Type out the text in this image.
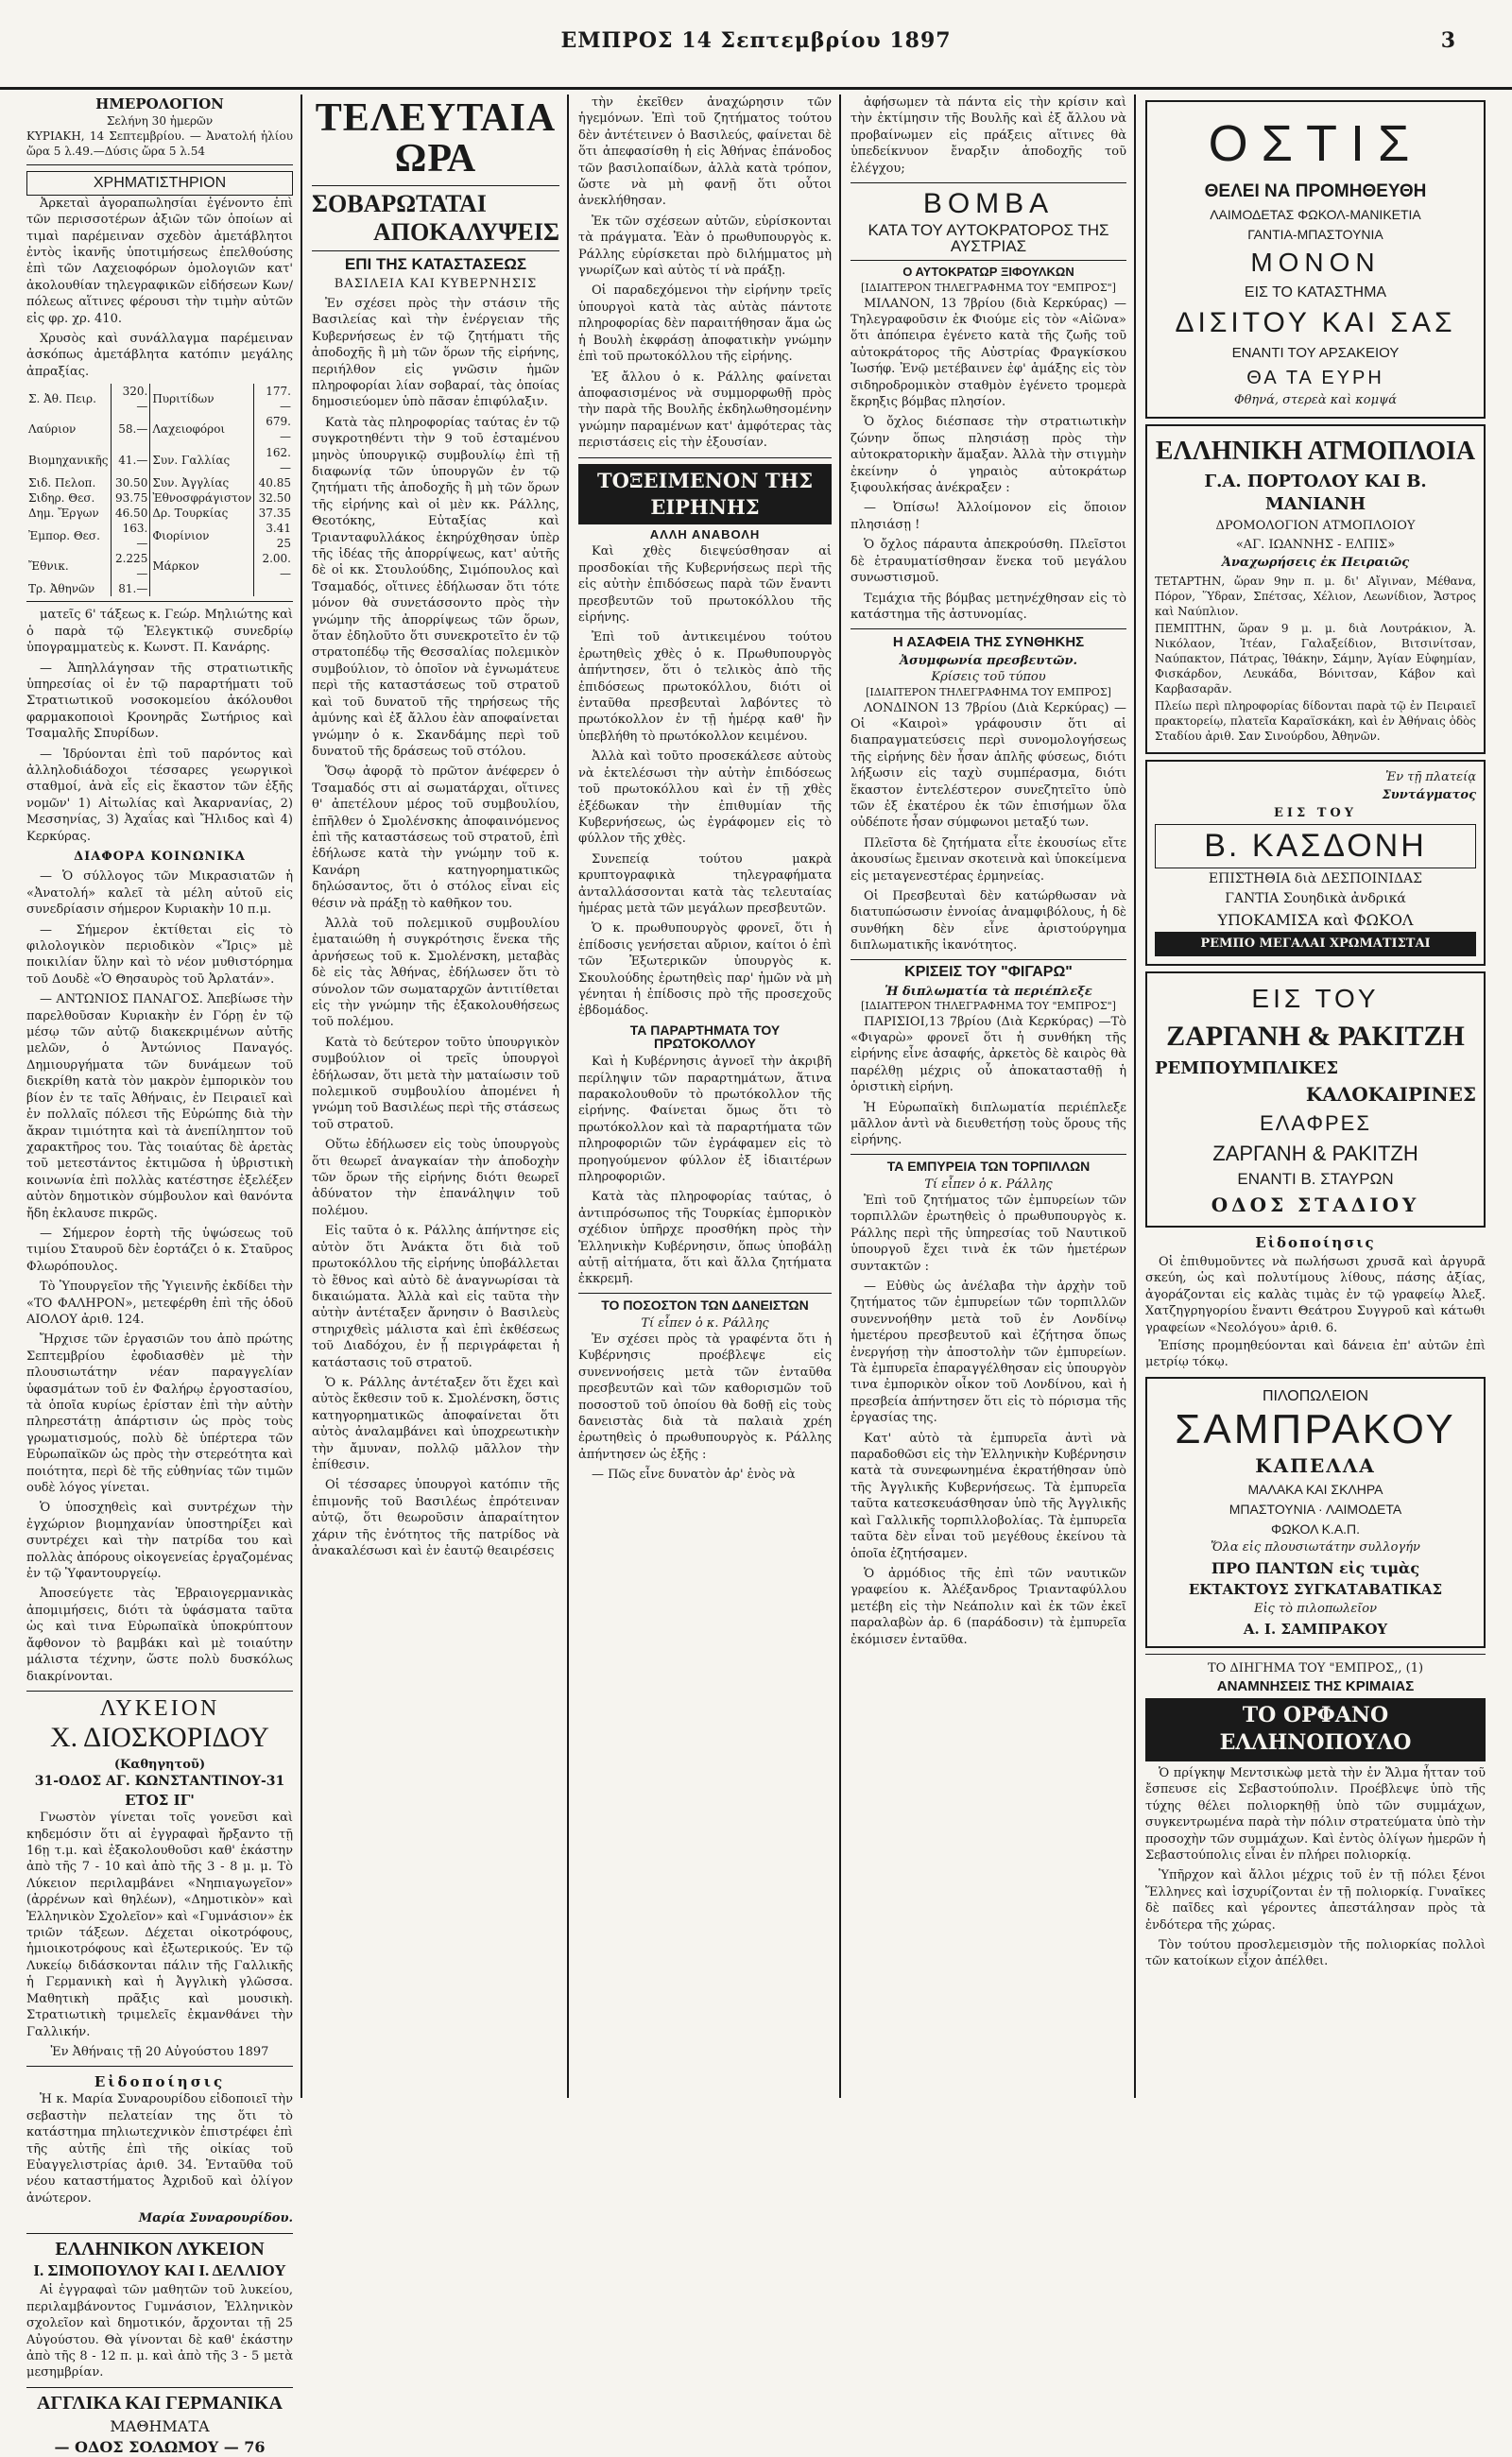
ΕΜΠΡΟΣ 14 Σεπτεμβρίου 1897	3
ΗΜΕΡΟΛΟΓΙΟΝ
Σελήνη 30 ἡμερῶν
ΚΥΡΙΑΚΗ, 14 Σεπτεμβρίου. — Ἀνατολή ἡλίου ὥρα 5 λ.49.—Δύσις ὥρα 5 λ.54
ΧΡΗΜΑΤΙΣΤΗΡΙΟΝ

Ἀρκεταὶ ἀγοραπωλησίαι ἐγένοντο ἐπὶ τῶν περισσοτέρων ἀξιῶν τῶν ὁποίων αἱ τιμαὶ παρέμειναν σχεδὸν ἀμετάβλητοι ἐντὸς ἱκανῆς ὑποτιμήσεως ἐπελθούσης ἐπὶ τῶν Λαχειοφόρων ὁμολογιῶν κατ' ἀκολουθίαν τηλεγραφικῶν εἰδήσεων Κων/πόλεως αἵτινες φέρουσι τὴν τιμὴν αὐτῶν εἰς φρ. χρ. 410.

Χρυσὸς καὶ συνάλλαγμα παρέμειναν ἀσκόπως ἀμετάβλητα κατόπιν μεγάλης ἀπραξίας.

Σ. Ἀθ. Πειρ.	320.—	Πυριτίδων	177.—
Λαύριον	58.—	Λαχειοφόροι	679.—
Βιομηχανικῆς	41.—	Συν. Γαλλίας	162.—
Σιδ. Πελοπ.	30.50	Συν. Ἀγγλίας	40.85
Σιδηρ. Θεσ.	93.75	Ἐθνοσφράγιστον	32.50
Δημ. Ἔργων	46.50	Δρ. Τουρκίας	37.35
Ἐμπορ. Θεσ.	163.—	Φιορίνιον	3.41 25
Ἔθνικ.	2.225—	Μάρκον	2.00.—
Τρ. Ἀθηνῶν	81.—		

ματεῖς 6' τάξεως κ. Γεώρ. Μηλιώτης καὶ ὁ παρὰ τῷ Ἐλεγκτικῷ συνεδρίῳ ὑπογραμματεὺς κ. Κωνστ. Π. Κανάρης.

— Ἀπηλλάγησαν τῆς στρατιωτικῆς ὑπηρεσίας οἱ ἐν τῷ παραρτήματι τοῦ Στρατιωτικοῦ νοσοκομείου ἀκόλουθοι φαρμακοποιοὶ Κρονηρᾶς Σωτήριος καὶ Τσαμαλῆς Σπυρίδων.

— Ἱδρύονται ἐπὶ τοῦ παρόντος καὶ ἀλληλοδιάδοχοι τέσσαρες γεωργικοὶ σταθμοί, ἀνὰ εἷς εἰς ἕκαστον τῶν ἑξῆς νομῶν' 1) Αἰτωλίας καὶ Ἀκαρνανίας, 2) Μεσσηνίας, 3) Ἀχαΐας καὶ Ἤλιδος καὶ 4) Κερκύρας.

ΔΙΑΦΟΡΑ ΚΟΙΝΩΝΙΚΑ

— Ὁ σύλλογος τῶν Μικρασιατῶν ἡ «Ἀνατολή» καλεῖ τὰ μέλη αὐτοῦ εἰς συνεδρίασιν σήμερον Κυριακὴν 10 π.μ.

— Σήμερον ἐκτίθεται εἰς τὸ φιλολογικὸν περιοδικὸν «Ἴρις» μὲ ποικιλίαν ὕλην καὶ τὸ νέον μυθιστόρημα τοῦ Δουδὲ «Ὁ Θησαυρὸς τοῦ Ἀρλατάν».

— ΑΝΤΩΝΙΟΣ ΠΑΝΑΓΟΣ. Ἀπεβίωσε τὴν παρελθοῦσαν Κυριακὴν ἐν Γόρῃ ἐν τῷ μέσῳ τῶν αὐτῷ διακεκριμένων αὐτῆς μελῶν, ὁ Ἀντώνιος Παναγός. Δημιουργήματα τῶν δυνάμεων τοῦ διεκρίθη κατὰ τὸν μακρὸν ἐμπορικὸν του βίον ἐν τε ταῖς Ἀθήναις, ἐν Πειραιεῖ καὶ ἐν πολλαῖς πόλεσι τῆς Εὐρώπης διὰ τὴν ἄκραν τιμιότητα καὶ τὰ ἀνεπίληπτον τοῦ χαρακτῆρος του. Τὰς τοιαύτας δὲ ἀρετὰς τοῦ μετεστάντος ἐκτιμῶσα ἡ ὑβριστικὴ κοινωνία ἐπὶ πολλὰς κατέστησε ἐξελέξεν αὐτὸν δημοτικὸν σύμβουλον καὶ θανόντα ἤδη ἐκλαυσε πικρῶς.

— Σήμερον ἑορτὴ τῆς ὑψώσεως τοῦ τιμίου Σταυροῦ δὲν ἑορτάζει ὁ κ. Σταῦρος Φλωρόπουλος.

Τὸ Ὑπουργεῖον τῆς Ὑγιεινῆς ἐκδίδει τὴν «ΤΟ ΦΑΛΗΡΟΝ», μετεφέρθη ἐπὶ τῆς ὁδοῦ ΑΙΟΛΟΥ ἀριθ. 124.

Ἤρχισε τῶν ἐργασιῶν του ἀπὸ πρώτης Σεπτεμβρίου ἐφοδιασθὲν μὲ τὴν πλουσιωτάτην νέαν παραγγελίαν ὑφασμάτων τοῦ ἐν Φαλήρῳ ἐργοστασίου, τὰ ὁποῖα κυρίως ἐρίσταν ἐπὶ τὴν αὐτὴν πληρεστάτῃ ἀπάρτισιν ὡς πρὸς τοὺς γρωματισμούς, πολὺ δὲ ὑπέρτερα τῶν Εὐρωπαϊκῶν ὡς πρὸς τὴν στερεότητα καὶ ποιότητα, περὶ δὲ τῆς εὐθηνίας τῶν τιμῶν ουδὲ λόγος γίνεται.

Ὁ ὑποσχηθεὶς καὶ συντρέχων τὴν ἐγχώριον βιομηχανίαν ὑποστηρίξει καὶ συντρέχει καὶ τὴν πατρίδα του καὶ πολλὰς ἀπόρους οἰκογενείας ἐργαζομένας ἐν τῷ Ὑφαντουργείῳ.

Ἀποσεύγετε τὰς Ἑβραιογερμανικὰς ἀπομιμήσεις, διότι τὰ ὑφάσματα ταῦτα ὡς καὶ τινα Εὐρωπαϊκὰ ὑποκρύπτουν ἄφθονον τὸ βαμβάκι καὶ μὲ τοιαύτην μάλιστα τέχνην, ὥστε πολὺ δυσκόλως διακρίνονται.

ΛΥΚΕΙΟΝ
Χ. ΔΙΟΣΚΟΡΙΔΟΥ
(Καθηγητοῦ)
31-ΟΔΟΣ ΑΓ. ΚΩΝΣΤΑΝΤΙΝΟΥ-31
ΕΤΟΣ ΙΓ'

Γνωστὸν γίνεται τοῖς γονεῦσι καὶ κηδεμόσιν ὅτι αἱ ἐγγραφαὶ ἤρξαντο τῇ 16ῃ τ.μ. καὶ ἐξακολουθοῦσι καθ' ἑκάστην ἀπὸ τῆς 7 - 10 καὶ ἀπὸ τῆς 3 - 8 μ. μ. Τὸ Λύκειον περιλαμβάνει «Νηπιαγωγεῖον» (ἀρρένων καὶ θηλέων), «Δημοτικὸν» καὶ Ἑλληνικὸν Σχολεῖον» καὶ «Γυμνάσιον» ἐκ τριῶν τάξεων. Δέχεται οἰκοτρόφους, ἡμιοικοτρόφους καὶ ἐξωτερικούς. Ἐν τῷ Λυκείῳ διδάσκονται πάλιν τῆς Γαλλικῆς ἡ Γερμανικὴ καὶ ἡ Ἀγγλικὴ γλῶσσα. Μαθητικὴ πρᾶξις καὶ μουσικὴ. Στρατιωτικὴ τριμελεῖς ἐκμανθάνει τὴν Γαλλικήν.

Ἐν Ἀθήναις τῇ 20 Αὐγούστου 1897
Εἰδοποίησις

Ἡ κ. Μαρία Συναρουρίδου εἰδοποιεῖ τὴν σεβαστὴν πελατείαν της ὅτι τὸ κατάστημα πηλιωτεχνικὸν ἐπιστρέφει ἐπὶ τῆς αὐτῆς ἐπὶ τῆς οἰκίας τοῦ Εὐαγγελιστρίας ἀριθ. 34. Ἐνταῦθα τοῦ νέου καταστήματος Ἀχριδοῦ καὶ ὀλίγον ἀνώτερον.

Μαρία Συναρουρίδου.
ΕΛΛΗΝΙΚΟΝ ΛΥΚΕΙΟΝ
Ι. ΣΙΜΟΠΟΥΛΟΥ ΚΑΙ Ι. ΔΕΛΛΙΟΥ

Αἱ ἐγγραφαὶ τῶν μαθητῶν τοῦ λυκείου, περιλαμβάνοντος Γυμνάσιον, Ἑλληνικὸν σχολεῖον καὶ δημοτικόν, ἄρχονται τῇ 25 Αὐγούστου. Θὰ γίνονται δὲ καθ' ἑκάστην ἀπὸ τῆς 8 - 12 π. μ. καὶ ἀπὸ τῆς 3 - 5 μετὰ μεσημβρίαν.

ΑΓΓΛΙΚΑ ΚΑΙ ΓΕΡΜΑΝΙΚΑ
ΜΑΘΗΜΑΤΑ
— ΟΔΟΣ ΣΟΛΩΜΟΥ — 76
ΤΕΛΕΥΤΑΙΑ ΩΡΑ
ΣΟΒΑΡΩΤΑΤΑΙ
ΑΠΟΚΑΛΥΨΕΙΣ
ΕΠΙ ΤΗΣ ΚΑΤΑΣΤΑΣΕΩΣ
ΒΑΣΙΛΕΙΑ ΚΑΙ ΚΥΒΕΡΝΗΣΙΣ

Ἐν σχέσει πρὸς τὴν στάσιν τῆς Βασιλείας καὶ τὴν ἐνέργειαν τῆς Κυβερνήσεως ἐν τῷ ζητήματι τῆς ἀποδοχῆς ἢ μὴ τῶν ὅρων τῆς εἰρήνης, περιήλθον εἰς γνῶσιν ἡμῶν πληροφορίαι λίαν σοβαραί, τὰς ὁποίας δημοσιεύομεν ὑπὸ πᾶσαν ἐπιφύλαξιν.

Κατὰ τὰς πληροφορίας ταύτας ἐν τῷ συγκροτηθέντι τὴν 9 τοῦ ἐσταμένου μηνὸς ὑπουργικῷ συμβουλίῳ ἐπὶ τῇ διαφωνίᾳ τῶν ὑπουργῶν ἐν τῷ ζητήματι τῆς ἀποδοχῆς ἢ μὴ τῶν ὅρων τῆς εἰρήνης καὶ οἱ μὲν κκ. Ράλλης, Θεοτόκης, Εὐταξίας καὶ Τριανταφυλλάκος ἐκηρύχθησαν ὑπὲρ τῆς ἰδέας τῆς ἀπορρίψεως, κατ' αὐτῆς δὲ οἱ κκ. Στουλούδης, Σιμόπουλος καὶ Τσαμαδός, οἵτινες ἐδήλωσαν ὅτι τότε μόνον θὰ συνετάσσοντο πρὸς τὴν γνώμην τῆς ἀπορρίψεως τῶν ὅρων, ὅταν ἐδηλοῦτο ὅτι συνεκροτεῖτο ἐν τῷ στρατοπέδῳ τῆς Θεσσαλίας πολεμικὸν συμβούλιον, τὸ ὁποῖον νὰ ἐγνωμάτευε περὶ τῆς καταστάσεως τοῦ στρατοῦ καὶ τοῦ δυνατοῦ τῆς τηρήσεως τῆς ἀμύνης καὶ ἐξ ἄλλου ἐὰν αποφαίνεται γνώμην ὁ κ. Σκανδάμης περὶ τοῦ δυνατοῦ τῆς δράσεως τοῦ στόλου.

Ὅσῳ ἀφορᾷ τὸ πρῶτον ἀνέφερεν ὁ Τσαμαδός στι αἱ σωματάρχαι, οἵτινες θ' ἀπετέλουν μέρος τοῦ συμβουλίου, ἐπῆλθεν ὁ Σμολένσκης ἀποφαινόμενος ἐπὶ τῆς καταστάσεως τοῦ στρατοῦ, ἐπὶ ἐδήλωσε κατὰ τὴν γνώμην τοῦ κ. Κανάρη κατηγορηματικῶς δηλώσαντος, ὅτι ὁ στόλος εἶναι εἰς θέσιν νὰ πράξῃ τὸ καθῆκον του.

Ἀλλὰ τοῦ πολεμικοῦ συμβουλίου ἐματαιώθη ἡ συγκρότησις ἕνεκα τῆς ἀρνήσεως τοῦ κ. Σμολένσκη, μεταβὰς δὲ εἰς τὰς Ἀθήνας, ἐδήλωσεν ὅτι τὸ σύνολον τῶν σωματαρχῶν ἀντιτίθεται εἰς τὴν γνώμην τῆς ἐξακολουθήσεως τοῦ πολέμου.

Κατὰ τὸ δεύτερον τοῦτο ὑπουργικὸν συμβούλιον οἱ τρεῖς ὑπουργοὶ ἐδήλωσαν, ὅτι μετὰ τὴν ματαίωσιν τοῦ πολεμικοῦ συμβουλίου ἀπομένει ἡ γνώμη τοῦ Βασιλέως περὶ τῆς στάσεως τοῦ στρατοῦ.

Οὕτω ἐδήλωσεν εἰς τοὺς ὑπουργοὺς ὅτι θεωρεῖ ἀναγκαίαν τὴν ἀποδοχὴν τῶν ὅρων τῆς εἰρήνης διότι θεωρεῖ ἀδύνατον τὴν ἐπανάληψιν τοῦ πολέμου.

Εἰς ταῦτα ὁ κ. Ράλλης ἀπήντησε εἰς αὐτὸν ὅτι Ἀνάκτα ὅτι διὰ τοῦ πρωτοκόλλου τῆς εἰρήνης ὑποβάλλεται τὸ ἔθνος καὶ αὐτὸ δὲ ἀναγνωρίσαι τὰ δικαιώματα. Ἀλλὰ καὶ εἰς ταῦτα τὴν αὐτὴν ἀντέταξεν ἄρνησιν ὁ Βασιλεὺς στηριχθεὶς μάλιστα καὶ ἐπὶ ἐκθέσεως τοῦ Διαδόχου, ἐν ᾗ περιγράφεται ἡ κατάστασις τοῦ στρατοῦ.

Ὁ κ. Ράλλης ἀντέταξεν ὅτι ἔχει καὶ αὐτὸς ἔκθεσιν τοῦ κ. Σμολένσκη, ὅστις κατηγορηματικῶς ἀποφαίνεται ὅτι αὐτὸς ἀναλαμβάνει καὶ ὑποχρεωτικὴν τὴν ἄμυναν, πολλῷ μᾶλλον τὴν ἐπίθεσιν.

Οἱ τέσσαρες ὑπουργοὶ κατόπιν τῆς ἐπιμονῆς τοῦ Βασιλέως ἐπρότειναν αὐτῷ, ὅτι θεωροῦσιν ἀπαραίτητον χάριν τῆς ἐνότητος τῆς πατρίδος νὰ ἀνακαλέσωσι καὶ ἐν ἑαυτῷ θεαιρέσεις

τὴν ἐκεῖθεν ἀναχώρησιν τῶν ἡγεμόνων. Ἐπὶ τοῦ ζητήματος τούτου δὲν ἀντέτεινεν ὁ Βασιλεύς, φαίνεται δὲ ὅτι ἀπεφασίσθη ἡ εἰς Ἀθήνας ἐπάνοδος τῶν βασιλοπαίδων, ἀλλὰ κατὰ τρόπον, ὥστε νὰ μὴ φανῇ ὅτι οὗτοι ἀνεκλήθησαν.

Ἐκ τῶν σχέσεων αὐτῶν, εὑρίσκονται τὰ πράγματα. Ἐὰν ὁ πρωθυπουργὸς κ. Ράλλης εὑρίσκεται πρὸ διλήμματος μὴ γνωρίζων καὶ αὐτὸς τί νὰ πράξῃ.

Οἱ παραδεχόμενοι τὴν εἰρήνην τρεῖς ὑπουργοὶ κατὰ τὰς αὐτὰς πάντοτε πληροφορίας δὲν παραιτήθησαν ἅμα ὡς ἡ Βουλὴ ἐκφράσῃ ἀποφατικὴν γνώμην ἐπὶ τοῦ πρωτοκόλλου τῆς εἰρήνης.

Ἐξ ἄλλου ὁ κ. Ράλλης φαίνεται ἀποφασισμένος νὰ συμμορφωθῇ πρὸς τὴν παρὰ τῆς Βουλῆς ἐκδηλωθησομένην γνώμην παραμένων κατ' ἀμφότερας τὰς περιστάσεις εἰς τὴν ἐξουσίαν.

ΤΟΞΕΙΜΕΝΟΝ ΤΗΣ ΕΙΡΗΝΗΣ
ΑΛΛΗ ΑΝΑΒΟΛΗ

Καὶ χθὲς διεψεύσθησαν αἱ προσδοκίαι τῆς Κυβερνήσεως περὶ τῆς εἰς αὐτὴν ἐπιδόσεως παρὰ τῶν ἔναντι πρεσβευτῶν τοῦ πρωτοκόλλου τῆς εἰρήνης.

Ἐπὶ τοῦ ἀντικειμένου τούτου ἐρωτηθεὶς χθὲς ὁ κ. Πρωθυπουργὸς ἀπήντησεν, ὅτι ὁ τελικὸς ἀπὸ τῆς ἐπιδόσεως πρωτοκόλλου, διότι οἱ ἐνταῦθα πρεσβευταὶ λαβόντες τὸ πρωτόκολλον ἐν τῇ ἡμέρᾳ καθ' ἣν ὑπεβλήθη τὸ πρωτόκολλον κειμένου.

Ἀλλὰ καὶ τοῦτο προσεκάλεσε αὐτοὺς νὰ ἐκτελέσωσι τὴν αὐτὴν ἐπιδόσεως τοῦ πρωτοκόλλου καὶ ἐν τῇ χθὲς ἐξέδωκαν τὴν ἐπιθυμίαν τῆς Κυβερνήσεως, ὡς ἐγράφομεν εἰς τὸ φύλλον τῆς χθὲς.

Συνεπείᾳ τούτου μακρὰ κρυπτογραφικὰ τηλεγραφήματα ἀνταλλάσσονται κατὰ τὰς τελευταίας ἡμέρας μετὰ τῶν μεγάλων πρεσβευτῶν.

Ὁ κ. πρωθυπουργὸς φρονεῖ, ὅτι ἡ ἐπίδοσις γενήσεται αὔριον, καίτοι ὁ ἐπὶ τῶν Ἐξωτερικῶν ὑπουργὸς κ. Σκουλούδης ἐρωτηθεὶς παρ' ἡμῶν νὰ μὴ γένηται ἡ ἐπίδοσις πρὸ τῆς προσεχοῦς ἑβδομάδος.

ΤΑ ΠΑΡΑΡΤΗΜΑΤΑ ΤΟΥ ΠΡΩΤΟΚΟΛΛΟΥ

Καὶ ἡ Κυβέρνησις ἀγνοεῖ τὴν ἀκριβῆ περίληψιν τῶν παραρτημάτων, ἅτινα παρακολουθοῦν τὸ πρωτόκολλον τῆς εἰρήνης. Φαίνεται ὅμως ὅτι τὸ πρωτόκολλον καὶ τὰ παραρτήματα τῶν πληροφοριῶν τῶν ἐγράφαμεν εἰς τὸ προηγούμενον φύλλον ἐξ ἰδιαιτέρων πληροφοριῶν.

Κατὰ τὰς πληροφορίας ταύτας, ὁ ἀντιπρόσωπος τῆς Τουρκίας ἐμπορικὸν σχέδιον ὑπῆρχε προσθήκη πρὸς τὴν Ἑλληνικὴν Κυβέρνησιν, ὅπως ὑποβάλῃ αὐτῇ αἰτήματα, ὅτι καὶ ἄλλα ζητήματα ἐκκρεμῆ.

ΤΟ ΠΟΣΟΣΤΟΝ ΤΩΝ ΔΑΝΕΙΣΤΩΝ
Τί εἶπεν ὁ κ. Ράλλης

Ἐν σχέσει πρὸς τὰ γραφέντα ὅτι ἡ Κυβέρνησις προέβλεψε εἰς συνεννοήσεις μετὰ τῶν ἐνταῦθα πρεσβευτῶν καὶ τῶν καθορισμῶν τοῦ ποσοστοῦ τοῦ ὁποίου θὰ δοθῇ εἰς τοὺς δανειστὰς διὰ τὰ παλαιὰ χρέη ἐρωτηθεὶς ὁ πρωθυπουργὸς κ. Ράλλης ἀπήντησεν ὡς ἑξῆς :

— Πῶς εἶνε δυνατὸν ἀρ' ἑνὸς νὰ

ἀφήσωμεν τὰ πάντα εἰς τὴν κρίσιν καὶ τὴν ἐκτίμησιν τῆς Βουλῆς καὶ ἐξ ἄλλου νὰ προβαίνωμεν εἰς πράξεις αἵτινες θὰ ὑπεδείκνυον ἔναρξιν ἀποδοχῆς τοῦ ἐλέγχου;

ΒΟΜΒΑ
ΚΑΤΑ ΤΟΥ ΑΥΤΟΚΡΑΤΟΡΟΣ ΤΗΣ ΑΥΣΤΡΙΑΣ
Ο ΑΥΤΟΚΡΑΤΩΡ ΞΙΦΟΥΛΚΩΝ
[ΙΔΙΑΙΤΕΡΟΝ ΤΗΛΕΓΡΑΦΗΜΑ ΤΟΥ "ΕΜΠΡΟΣ"]

ΜΙΛΑΝΟΝ, 13 7βρίου (διὰ Κερκύρας) —Τηλεγραφοῦσιν ἐκ Φιούμε εἰς τὸν «Αἰῶνα» ὅτι ἀπόπειρα ἐγένετο κατὰ τῆς ζωῆς τοῦ αὐτοκράτορος τῆς Αὐστρίας Φραγκίσκου Ἰωσήφ. Ἐνῷ μετέβαινεν ἐφ' ἁμάξης εἰς τὸν σιδηροδρομικὸν σταθμὸν ἐγένετο τρομερὰ ἔκρηξις βόμβας πλησίον.

Ὁ ὄχλος διέσπασε τὴν στρατιωτικὴν ζώνην ὅπως πλησιάσῃ πρὸς τὴν αὐτοκρατορικὴν ἅμαξαν. Ἀλλὰ τὴν στιγμὴν ἐκείνην ὁ γηραιὸς αὐτοκράτωρ ξιφουλκήσας ἀνέκραξεν :

— Ὀπίσω! Ἀλλοίμονον εἰς ὅποιον πλησιάσῃ !

Ὁ ὄχλος πάραυτα ἀπεκρούσθη. Πλεῖστοι δὲ ἐτραυματίσθησαν ἕνεκα τοῦ μεγάλου συνωστισμοῦ.

Τεμάχια τῆς βόμβας μετηνέχθησαν εἰς τὸ κατάστημα τῆς ἀστυνομίας.

Η ΑΣΑΦΕΙΑ ΤΗΣ ΣΥΝΘΗΚΗΣ
Ἀσυμφωνία πρεσβευτῶν.
Κρίσεις τοῦ τύπου
[ΙΔΙΑΙΤΕΡΟΝ ΤΗΛΕΓΡΑΦΗΜΑ ΤΟΥ ΕΜΠΡΟΣ]

ΛΟΝΔΙΝΟΝ 13 7βρίου (Διὰ Κερκύρας) —Οἱ «Καιροὶ» γράφουσιν ὅτι αἱ διαπραγματεύσεις περὶ συνομολογήσεως τῆς εἰρήνης δὲν ἦσαν ἁπλῆς φύσεως, διότι λήξωσιν εἰς ταχὺ συμπέρασμα, διότι ἕκαστον ἐντελέστερον συνεζητεῖτο ὑπὸ τῶν ἐξ ἑκατέρου ἐκ τῶν ἐπισήμων ὅλα οὐδέποτε ἦσαν σύμφωνοι μεταξύ των.

Πλεῖστα δὲ ζητήματα εἶτε ἐκουσίως εἴτε ἀκουσίως ἔμειναν σκοτεινὰ καὶ ὑποκείμενα εἰς μεταγενεστέρας ἑρμηνείας.

Οἱ Πρεσβευταὶ δὲν κατώρθωσαν νὰ διατυπώσωσιν ἐννοίας ἀναμφιβόλους, ἡ δὲ συνθήκη δὲν εἶνε ἀριστούργημα διπλωματικῆς ἱκανότητος.

ΚΡΙΣΕΙΣ ΤΟΥ "ΦΙΓΑΡΩ"
Ἡ διπλωματία τὰ περιέπλεξε
[ΙΔΙΑΙΤΕΡΟΝ ΤΗΛΕΓΡΑΦΗΜΑ ΤΟΥ "ΕΜΠΡΟΣ"]

ΠΑΡΙΣΙΟΙ,13 7βρίου (Διὰ Κερκύρας) —Τὸ «Φιγαρὼ» φρονεῖ ὅτι ἡ συνθήκη τῆς εἰρήνης εἶνε ἀσαφής, ἀρκετὸς δὲ καιρὸς θὰ παρέλθῃ μέχρις οὗ ἀποκατασταθῇ ἡ ὁριστικὴ εἰρήνη.

Ἡ Εὐρωπαϊκὴ διπλωματία περιέπλεξε μᾶλλον ἀντὶ νὰ διευθετήσῃ τοὺς ὅρους τῆς εἰρήνης.

ΤΑ ΕΜΠΥΡΕΙΑ ΤΩΝ ΤΟΡΠΙΛΛΩΝ
Τί εἶπεν ὁ κ. Ράλλης

Ἐπὶ τοῦ ζητήματος τῶν ἐμπυρείων τῶν τορπιλλῶν ἐρωτηθεὶς ὁ πρωθυπουργὸς κ. Ράλλης περὶ τῆς ὑπηρεσίας τοῦ Ναυτικοῦ ὑπουργοῦ ἔχει τινὰ ἐκ τῶν ἡμετέρων συντακτῶν :

— Εὐθὺς ὡς ἀνέλαβα τὴν ἀρχὴν τοῦ ζητήματος τῶν ἐμπυρείων τῶν τορπιλλῶν συνεννοήθην μετὰ τοῦ ἐν Λονδίνῳ ἡμετέρου πρεσβευτοῦ καὶ ἐζήτησα ὅπως ἐνεργήσῃ τὴν ἀποστολὴν τῶν ἐμπυρείων. Τὰ ἐμπυρεῖα ἐπαραγγέλθησαν εἰς ὑπουργὸν τινα ἐμπορικὸν οἶκον τοῦ Λονδίνου, καὶ ἡ πρεσβεία ἀπήντησεν ὅτι εἰς τὸ πόρισμα τῆς ἐργασίας της.

Κατ' αὐτὸ τὰ ἐμπυρεῖα ἀντὶ νὰ παραδοθῶσι εἰς τὴν Ἑλληνικὴν Κυβέρνησιν κατὰ τὰ συνεφωνημένα ἐκρατήθησαν ὑπὸ τῆς Ἀγγλικῆς Κυβερνήσεως. Τὰ ἐμπυρεῖα ταῦτα κατεσκευάσθησαν ὑπὸ τῆς Ἀγγλικῆς καὶ Γαλλικῆς τορπιλλοβολίας. Τὰ ἐμπυρεῖα ταῦτα δὲν εἶναι τοῦ μεγέθους ἐκείνου τὰ ὁποῖα ἐζητήσαμεν.

Ὁ ἀρμόδιος τῆς ἐπὶ τῶν ναυτικῶν γραφείου κ. Ἀλέξανδρος Τριανταφύλλου μετέβη εἰς τὴν Νεάπολιν καὶ ἐκ τῶν ἐκεῖ παραλαβὼν ἀρ. 6 (παράδοσιν) τὰ ἐμπυρεῖα ἐκόμισεν ἐνταῦθα.

ΟΣΤΙΣ

ΘΕΛΕΙ ΝΑ ΠΡΟΜΗΘΕΥΘΗ

ΛΑΙΜΟΔΕΤΑΣ ΦΩΚΟΛ-ΜΑΝΙΚΕΤΙΑ

ΓΑΝΤΙΑ-ΜΠΑΣΤΟΥΝΙΑ

ΜΟΝΟΝ

ΕΙΣ ΤΟ ΚΑΤΑΣΤΗΜΑ

ΔΙΣΙΤΟΥ ΚΑΙ ΣΑΣ

ΕΝΑΝΤΙ ΤΟΥ ΑΡΣΑΚΕΙΟΥ

ΘΑ ΤΑ ΕΥΡΗ

Φθηνά, στερεὰ καὶ κομψά

ΕΛΛΗΝΙΚΗ ΑΤΜΟΠΛΟΙΑ

Γ.Α. ΠΟΡΤΟΛΟΥ ΚΑΙ Β. ΜΑΝΙΑΝΗ

ΔΡΟΜΟΛΟΓΙΟΝ ΑΤΜΟΠΛΟΙΟΥ

«ΑΓ. ΙΩΑΝΝΗΣ - ΕΛΠΙΣ»

Ἀναχωρήσεις ἐκ Πειραιῶς

ΤΕΤΑΡΤΗΝ, ὥραν 9ην π. μ. δι' Αἴγιναν, Μέθανα, Πόρον, Ὕδραν, Σπέτσας, Χέλιον, Λεωνίδιον, Ἄστρος καὶ Ναύπλιον.

ΠΕΜΠΤΗΝ, ὥραν 9 μ. μ. διὰ Λουτράκιον, Ἁ. Νικόλαον, Ἰτέαν, Γαλαξείδιον, Βιτσινίτσαν, Ναύπακτον, Πάτρας, Ἰθάκην, Σάμην, Ἁγίαν Εὐφημίαν, Φισκάρδον, Λευκάδα, Βόνιτσαν, Κάβον καὶ Καρβασαρᾶν.

Πλείω περὶ πληροφορίας δίδονται παρὰ τῷ ἐν Πειραιεῖ πρακτορείῳ, πλατεῖα Καραϊσκάκη, καὶ ἐν Ἀθήναις ὁδὸς Σταδίου ἀριθ. Σαν Σινούρδου, Ἀθηνῶν.

Ἐν τῇ πλατείᾳ

Συντάγματος

ΕΙΣ ΤΟΥ

Β. ΚΑΣΔΟΝΗ

ΕΠΙΣΤΗΘΙΑ διὰ ΔΕΣΠΟΙΝΙΔΑΣ

ΓΑΝΤΙΑ Σουηδικὰ ἀνδρικά

ΥΠΟΚΑΜΙΣΑ καὶ ΦΩΚΟΛ

ΡΕΜΠΟ ΜΕΓΑΛΑΙ ΧΡΩΜΑΤΙΣΤΑΙ

ΕΙΣ ΤΟΥ

ΖΑΡΓΑΝΗ & ΡΑΚΙΤΖΗ

ΡΕΜΠΟΥΜΠΛΙΚΕΣ

ΚΑΛΟΚΑΙΡΙΝΕΣ

ΕΛΑΦΡΕΣ

ΖΑΡΓΑΝΗ & ΡΑΚΙΤΖΗ

ΕΝΑΝΤΙ Β. ΣΤΑΥΡΩΝ

ΟΔΟΣ ΣΤΑΔΙΟΥ

Εἰδοποίησις

Οἱ ἐπιθυμοῦντες νὰ πωλήσωσι χρυσᾶ καὶ ἀργυρᾶ σκεύη, ὡς καὶ πολυτίμους λίθους, πάσης ἀξίας, ἀγοράζονται εἰς καλὰς τιμὰς ἐν τῷ γραφείῳ Ἀλεξ. Χατζηγρηγορίου ἔναντι Θεάτρου Συγγροῦ καὶ κάτωθι γραφείων «Νεολόγου» ἀριθ. 6.

Ἐπίσης προμηθεύονται καὶ δάνεια ἐπ' αὐτῶν ἐπὶ μετρίῳ τόκῳ.

ΠΙΛΟΠΩΛΕΙΟΝ

ΣΑΜΠΡΑΚΟΥ

ΚΑΠΕΛΛΑ

ΜΑΛΑΚΑ ΚΑΙ ΣΚΛΗΡΑ

ΜΠΑΣΤΟΥΝΙΑ · ΛΑΙΜΟΔΕΤΑ

ΦΩΚΟΛ Κ.Α.Π.

Ὅλα εἰς πλουσιωτάτην συλλογήν

ΠΡΟ ΠΑΝΤΩΝ εἰς τιμὰς

ΕΚΤΑΚΤΟΥΣ ΣΥΓΚΑΤΑΒΑΤΙΚΑΣ

Εἰς τὸ πιλοπωλεῖον

Α. Ι. ΣΑΜΠΡΑΚΟΥ

ΤΟ ΔΙΗΓΗΜΑ ΤΟΥ "ΕΜΠΡΟΣ,, (1)
ΑΝΑΜΝΗΣΕΙΣ ΤΗΣ ΚΡΙΜΑΙΑΣ
ΤΟ ΟΡΦΑΝΟ ΕΛΛΗΝΟΠΟΥΛΟ

Ὁ πρίγκηψ Μεντσικὼφ μετὰ τὴν ἐν Ἄλμα ἧτταν τοῦ ἔσπευσε εἰς Σεβαστούπολιν. Προέβλεψε ὑπὸ τῆς τύχης θέλει πολιορκηθῇ ὑπὸ τῶν συμμάχων, συγκεντρωμένα παρὰ τὴν πόλιν στρατεύματα ὑπὸ τὴν προσοχὴν τῶν συμμάχων. Καὶ ἐντὸς ὀλίγων ἡμερῶν ἡ Σεβαστούπολις εἶναι ἐν πλήρει πολιορκίᾳ.

Ὑπῆρχον καὶ ἄλλοι μέχρις τοῦ ἐν τῇ πόλει ξένοι Ἕλληνες καὶ ἰσχυρίζονται ἐν τῇ πολιορκίᾳ. Γυναῖκες δὲ παῖδες καὶ γέροντες ἀπεστάλησαν πρὸς τὰ ἐνδότερα τῆς χώρας.

Τὸν τούτου προσλεμεισμὸν τῆς πολιορκίας πολλοὶ τῶν κατοίκων εἶχον ἀπέλθει.
